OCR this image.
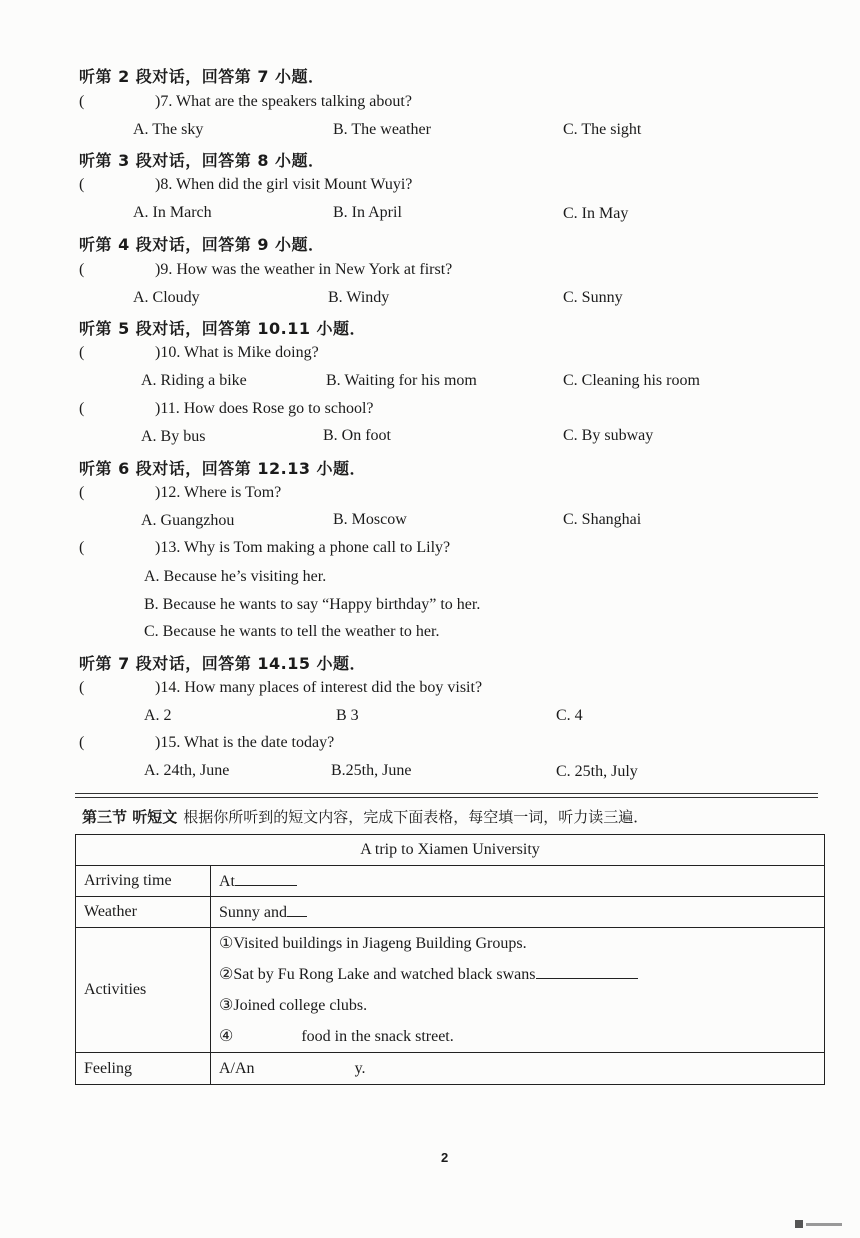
听第 2 段对话，回答第 7 小题．
(	)7. What are the speakers talking about?
A. The sky	B. The weather	C. The sight
听第 3 段对话，回答第 8 小题．
(	)8. When did the girl visit Mount Wuyi?
A. In March	B. In April	C. In May
听第 4 段对话，回答第 9 小题．
(	)9. How was the weather in New York at first?
A. Cloudy	B. Windy	C. Sunny
听第 5 段对话，回答第 10.11 小题．
(	)10. What is Mike doing?
A. Riding a bike	B. Waiting for his mom	C. Cleaning his room
(	)11. How does Rose go to school?
A. By bus	B. On foot	C. By subway
听第 6 段对话，回答第 12.13 小题．
(	)12. Where is Tom?
A. Guangzhou	B. Moscow	C. Shanghai
(	)13. Why is Tom making a phone call to Lily?
A. Because he’s visiting her.
B. Because he wants to say “Happy birthday” to her.
C. Because he wants to tell the weather to her.
听第 7 段对话，回答第 14.15 小题．
(	)14. How many places of interest did the boy visit?
A. 2	B 3	C. 4
(	)15. What is the date today?
A. 24th, June	B.25th, June	C. 25th, July
第三节 听短文 根据你所听到的短文内容，完成下面表格，每空填一词，听力读三遍．
A trip to Xiamen University	
Arriving time	At
Weather	Sunny and
Activities	①Visited buildings in Jiageng Building Groups.
②Sat by Fu Rong Lake and watched black swans
③Joined college clubs.
④ food in the snack street.

Feeling	A/An y.
2
